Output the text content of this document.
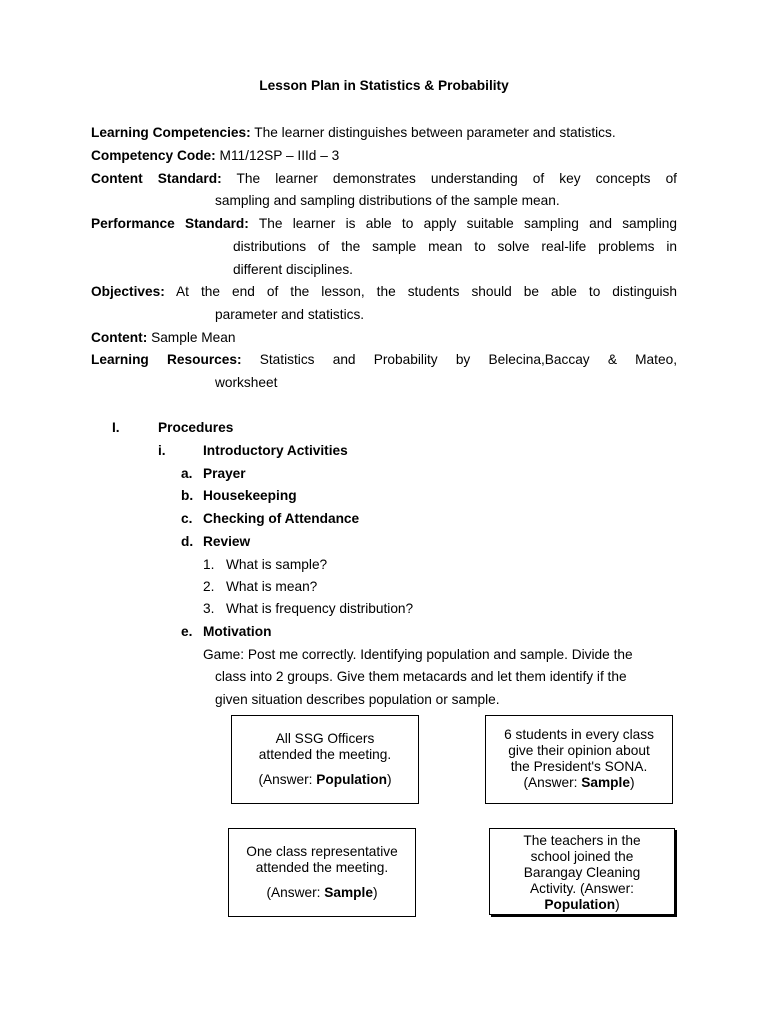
Lesson Plan in Statistics & Probability
Learning Competencies: The learner distinguishes between parameter and statistics.
Competency Code: M11/12SP – IIId – 3
Content Standard: The learner demonstrates understanding of key concepts of
sampling and sampling distributions of the sample mean.
Performance Standard: The learner is able to apply suitable sampling and sampling
distributions of the sample mean to solve real-life problems in
different disciplines.
Objectives: At the end of the lesson, the students should be able to distinguish
parameter and statistics.
Content: Sample Mean
Learning Resources: Statistics and Probability by Belecina,Baccay & Mateo,
worksheet
I.	Procedures
i.	Introductory Activities
a. Prayer
b. Housekeeping
c. Checking of Attendance
d. Review
1. What is sample?
2. What is mean?
3. What is frequency distribution?
e. Motivation
Game: Post me correctly. Identifying population and sample. Divide the
class into 2 groups. Give them metacards and let them identify if the
given situation describes population or sample.

All SSG Officers

attended the meeting.

(Answer: Population)

6 students in every class

give their opinion about

the President's SONA.

(Answer: Sample)

One class representative

attended the meeting.

(Answer: Sample)

The teachers in the

school joined the

Barangay Cleaning

Activity. (Answer:

Population)
